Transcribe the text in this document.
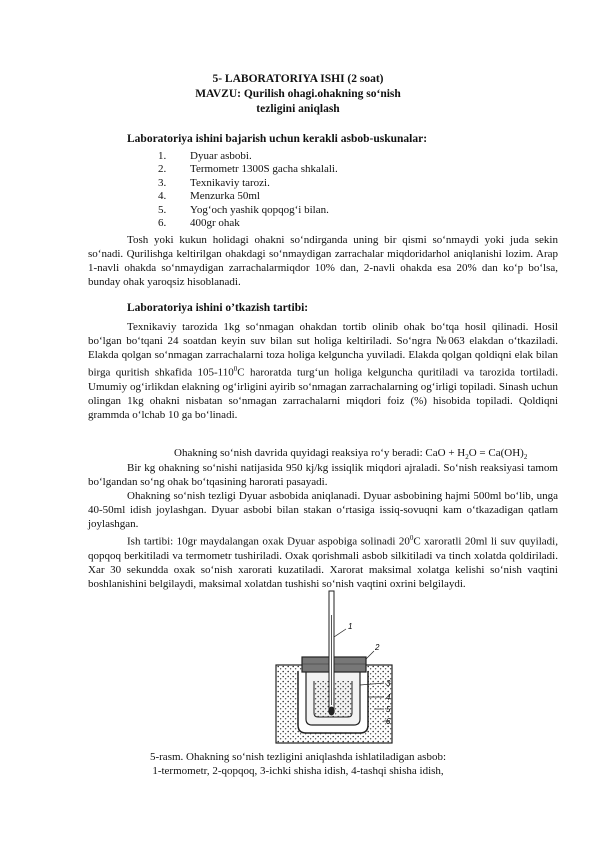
5- LABORATORIYA ISHI (2 soat)
MAVZU: Qurilish ohagi.ohakning so‘nish
tezligini aniqlash
Laboratoriya ishini bajarish uchun kerakli asbob-uskunalar:
1.	Dyuar asbobi.
2.	Termometr 1300S gacha shkalali.
3.	Texnikaviy tarozi.
4.	Menzurka 50ml
5.	Yog‘och yashik qopqog‘i bilan.
6.	400gr ohak

Tosh yoki kukun holidagi ohakni so‘ndirganda uning bir qismi so‘nmaydi yoki juda sekin so‘nadi. Qurilishga keltirilgan ohakdagi so‘nmaydigan zarrachalar miqdoridarhol aniqlanishi lozim. Arap 1-navli ohakda so‘nmaydigan zarrachalarmiqdor 10% dan, 2-navli ohakda esa 20% dan ko‘p bo‘lsa, bunday ohak yaroqsiz hisoblanadi.

Laboratoriya ishini o’tkazish tartibi:

Texnikaviy tarozida 1kg so‘nmagan ohakdan tortib olinib ohak bo‘tqa hosil qilinadi. Hosil bo‘lgan bo‘tqani 24 soatdan keyin suv bilan sut holiga keltiriladi. So‘ngra №063 elakdan o‘tkaziladi. Elakda qolgan so‘nmagan zarrachalarni toza holiga kelguncha yuviladi. Elakda qolgan qoldiqni elak bilan birga quritish shkafida $105-110^0C$ haroratda turg‘un holiga kelguncha quritiladi va tarozida tortiladi. Umumiy og‘irlikdan elakning og‘irligini ayirib so‘nmagan zarrachalarning og‘irligi topiladi. Sinash uchun olingan 1kg ohakni nisbatan so‘nmagan zarrachalarni miqdori foiz (%) hisobida topiladi. Qoldiqni grammda o‘lchab 10 ga bo‘linadi.

Ohakning so‘nish davrida quyidagi reaksiya ro‘y beradi: CaO + $H_2O = Ca(OH)_2$

Bir kg ohakning so‘nishi natijasida 950 kj/kg issiqlik miqdori ajraladi. So‘nish reaksiyasi tamom bo‘lgandan so‘ng ohak bo‘tqasining harorati pasayadi.

Ohakning so‘nish tezligi Dyuar asbobida aniqlanadi. Dyuar asbobining hajmi 500ml bo‘lib, unga 40-50ml idish joylashgan. Dyuar asbobi bilan stakan o‘rtasiga issiq-sovuqni kam o‘tkazadigan qatlam joylashgan.

Ish tartibi: 10gr maydalangan oxak Dyuar aspobiga solinadi $20^0C$ xaroratli 20ml li suv quyiladi, qopqoq berkitiladi va termometr tushiriladi. Oxak qorishmali asbob silkitiladi va tinch xolatda qoldiriladi. Xar 30 sekundda oxak so‘nish xarorati kuzatiladi. Xarorat maksimal xolatga kelishi so‘nish vaqtini boshlanishini belgilaydi, maksimal xolatdan tushishi so‘nish vaqtini oxrini belgilaydi.

1
2
3
4
5
6
5-rasm. Ohakning so‘nish tezligini aniqlashda ishlatiladigan asbob:
1-termometr, 2-qopqoq, 3-ichki shisha idish, 4-tashqi shisha idish,
